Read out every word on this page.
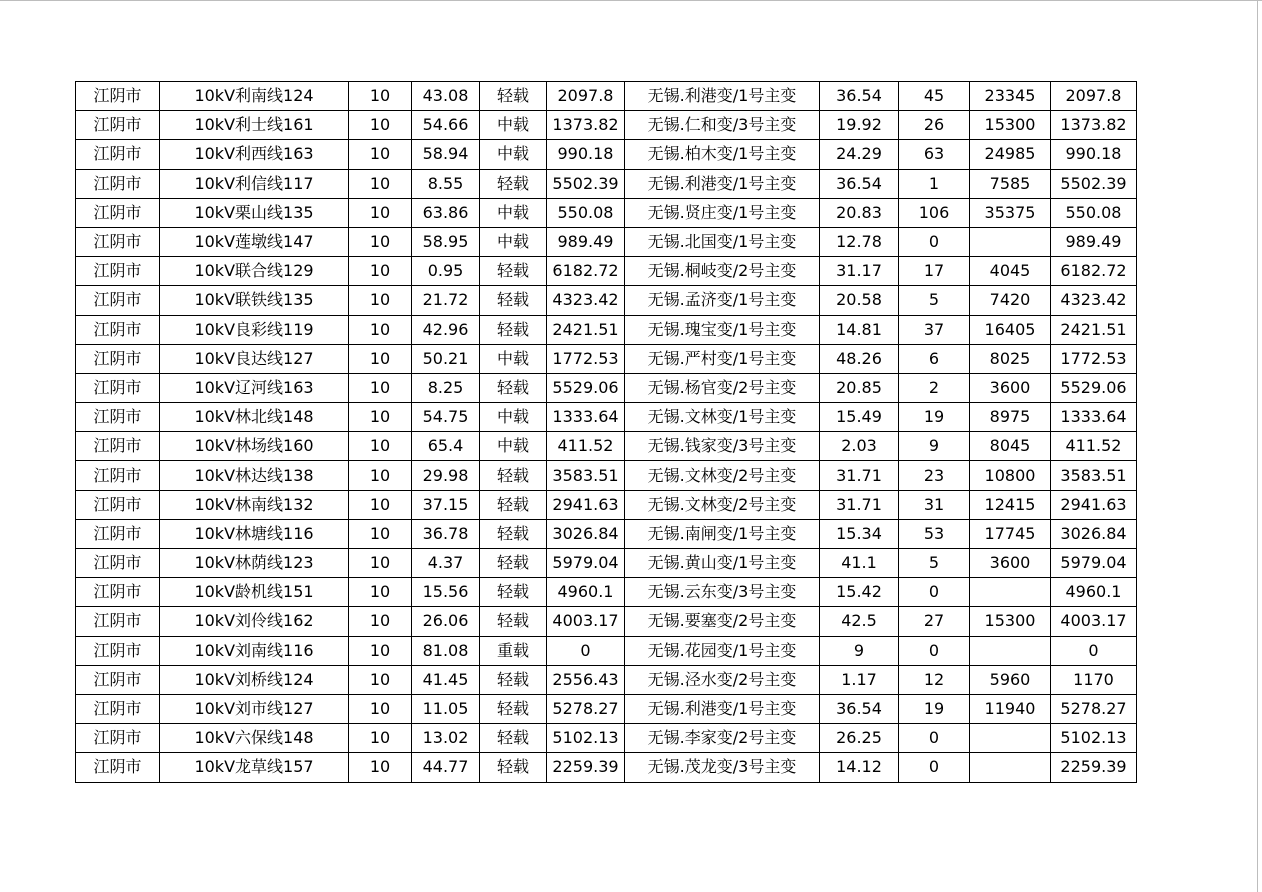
江阴市	10kV利南线124	10	43.08	轻载	2097.8	无锡.利港变/1号主变	36.54	45	23345	2097.8
江阴市	10kV利士线161	10	54.66	中载	1373.82	无锡.仁和变/3号主变	19.92	26	15300	1373.82
江阴市	10kV利西线163	10	58.94	中载	990.18	无锡.柏木变/1号主变	24.29	63	24985	990.18
江阴市	10kV利信线117	10	8.55	轻载	5502.39	无锡.利港变/1号主变	36.54	1	7585	5502.39
江阴市	10kV栗山线135	10	63.86	中载	550.08	无锡.贤庄变/1号主变	20.83	106	35375	550.08
江阴市	10kV莲墩线147	10	58.95	中载	989.49	无锡.北国变/1号主变	12.78	0		989.49
江阴市	10kV联合线129	10	0.95	轻载	6182.72	无锡.桐岐变/2号主变	31.17	17	4045	6182.72
江阴市	10kV联铁线135	10	21.72	轻载	4323.42	无锡.孟济变/1号主变	20.58	5	7420	4323.42
江阴市	10kV良彩线119	10	42.96	轻载	2421.51	无锡.瑰宝变/1号主变	14.81	37	16405	2421.51
江阴市	10kV良达线127	10	50.21	中载	1772.53	无锡.严村变/1号主变	48.26	6	8025	1772.53
江阴市	10kV辽河线163	10	8.25	轻载	5529.06	无锡.杨官变/2号主变	20.85	2	3600	5529.06
江阴市	10kV林北线148	10	54.75	中载	1333.64	无锡.文林变/1号主变	15.49	19	8975	1333.64
江阴市	10kV林场线160	10	65.4	中载	411.52	无锡.钱家变/3号主变	2.03	9	8045	411.52
江阴市	10kV林达线138	10	29.98	轻载	3583.51	无锡.文林变/2号主变	31.71	23	10800	3583.51
江阴市	10kV林南线132	10	37.15	轻载	2941.63	无锡.文林变/2号主变	31.71	31	12415	2941.63
江阴市	10kV林塘线116	10	36.78	轻载	3026.84	无锡.南闸变/1号主变	15.34	53	17745	3026.84
江阴市	10kV林荫线123	10	4.37	轻载	5979.04	无锡.黄山变/1号主变	41.1	5	3600	5979.04
江阴市	10kV龄机线151	10	15.56	轻载	4960.1	无锡.云东变/3号主变	15.42	0		4960.1
江阴市	10kV刘伶线162	10	26.06	轻载	4003.17	无锡.要塞变/2号主变	42.5	27	15300	4003.17
江阴市	10kV刘南线116	10	81.08	重载	0	无锡.花园变/1号主变	9	0		0
江阴市	10kV刘桥线124	10	41.45	轻载	2556.43	无锡.泾水变/2号主变	1.17	12	5960	1170
江阴市	10kV刘市线127	10	11.05	轻载	5278.27	无锡.利港变/1号主变	36.54	19	11940	5278.27
江阴市	10kV六保线148	10	13.02	轻载	5102.13	无锡.李家变/2号主变	26.25	0		5102.13
江阴市	10kV龙草线157	10	44.77	轻载	2259.39	无锡.茂龙变/3号主变	14.12	0		2259.39
